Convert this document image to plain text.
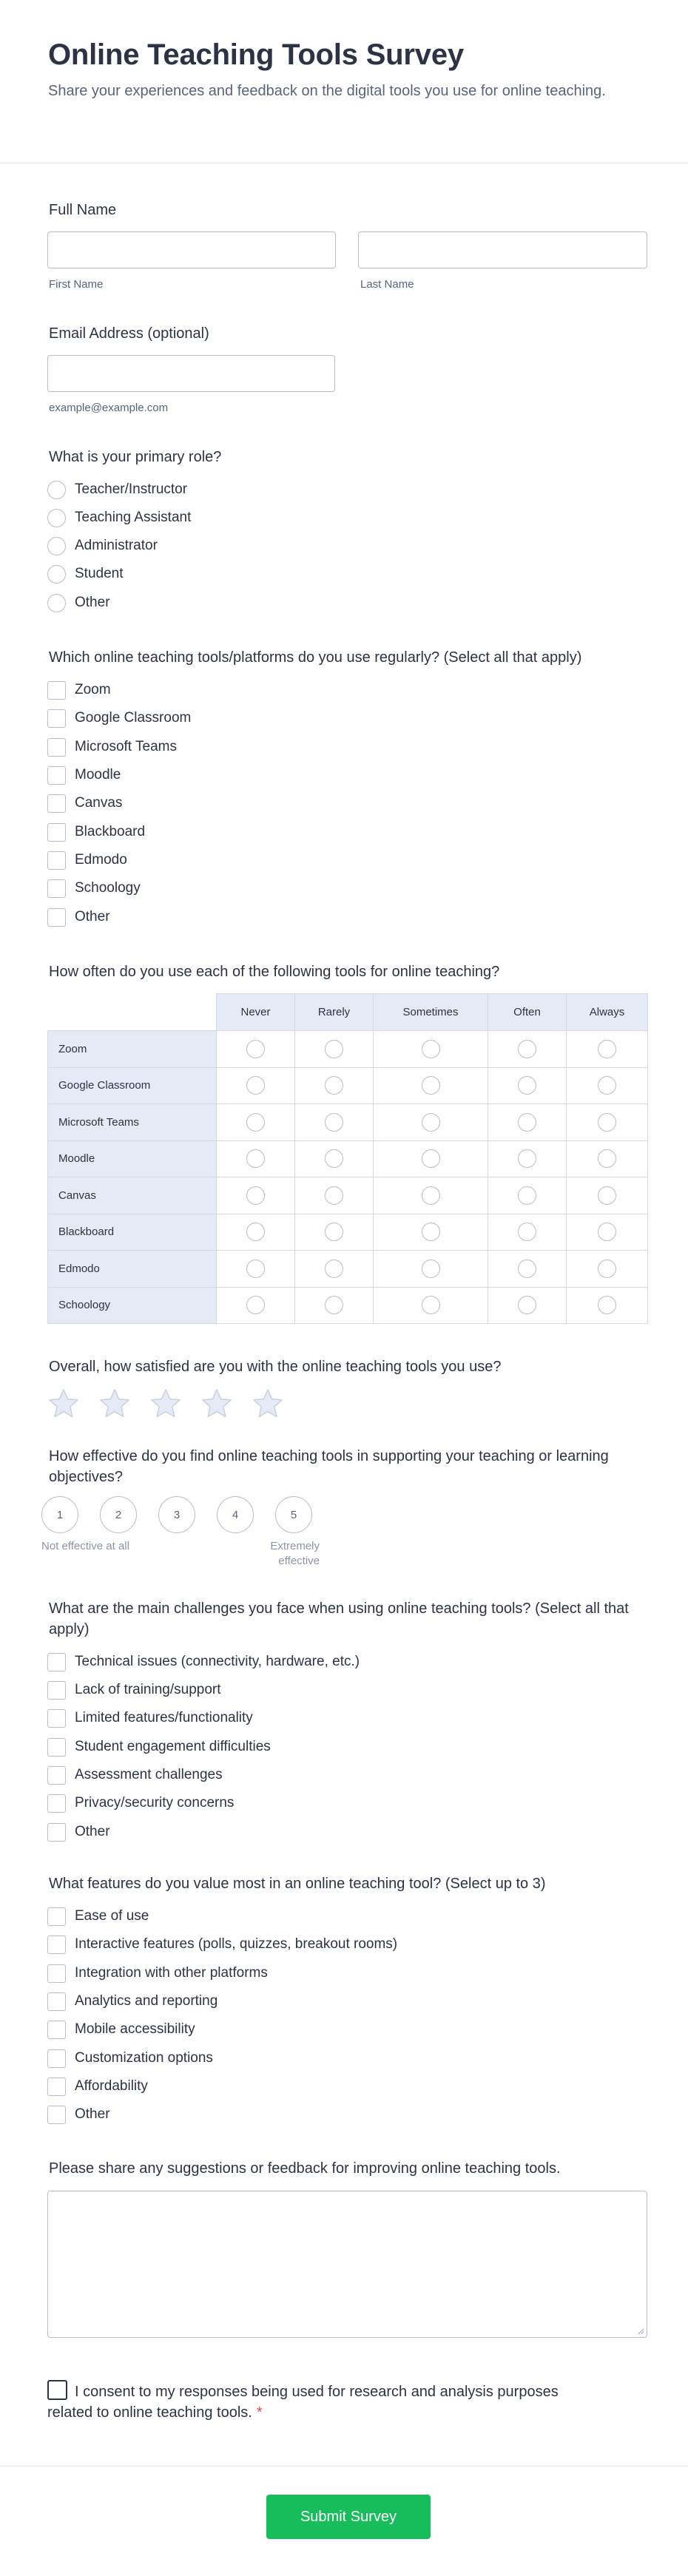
Online Teaching Tools Survey

Share your experiences and feedback on the digital tools you use for online teaching.

Full Name
First Name	Last Name
Email Address (optional)
example@example.com
What is your primary role?
Teacher/Instructor
Teaching Assistant
Administrator
Student
Other
Which online teaching tools/platforms do you use regularly? (Select all that apply)
Zoom
Google Classroom
Microsoft Teams
Moodle
Canvas
Blackboard
Edmodo
Schoology
Other
How often do you use each of the following tools for online teaching?
	Never	Rarely	Sometimes	Often	Always
Zoom					
Google Classroom					
Microsoft Teams					
Moodle					
Canvas					
Blackboard					
Edmodo					
Schoology					
Overall, how satisfied are you with the online teaching tools you use?
How effective do you find online teaching tools in supporting your teaching or learning objectives?
1	2	3	4	5
Not effective at all	Extremely effective
What are the main challenges you face when using online teaching tools? (Select all that apply)
Technical issues (connectivity, hardware, etc.)
Lack of training/support
Limited features/functionality
Student engagement difficulties
Assessment challenges
Privacy/security concerns
Other
What features do you value most in an online teaching tool? (Select up to 3)
Ease of use
Interactive features (polls, quizzes, breakout rooms)
Integration with other platforms
Analytics and reporting
Mobile accessibility
Customization options
Affordability
Other
Please share any suggestions or feedback for improving online teaching tools.
I consent to my responses being used for research and analysis purposes related to online teaching tools. *
Submit Survey
